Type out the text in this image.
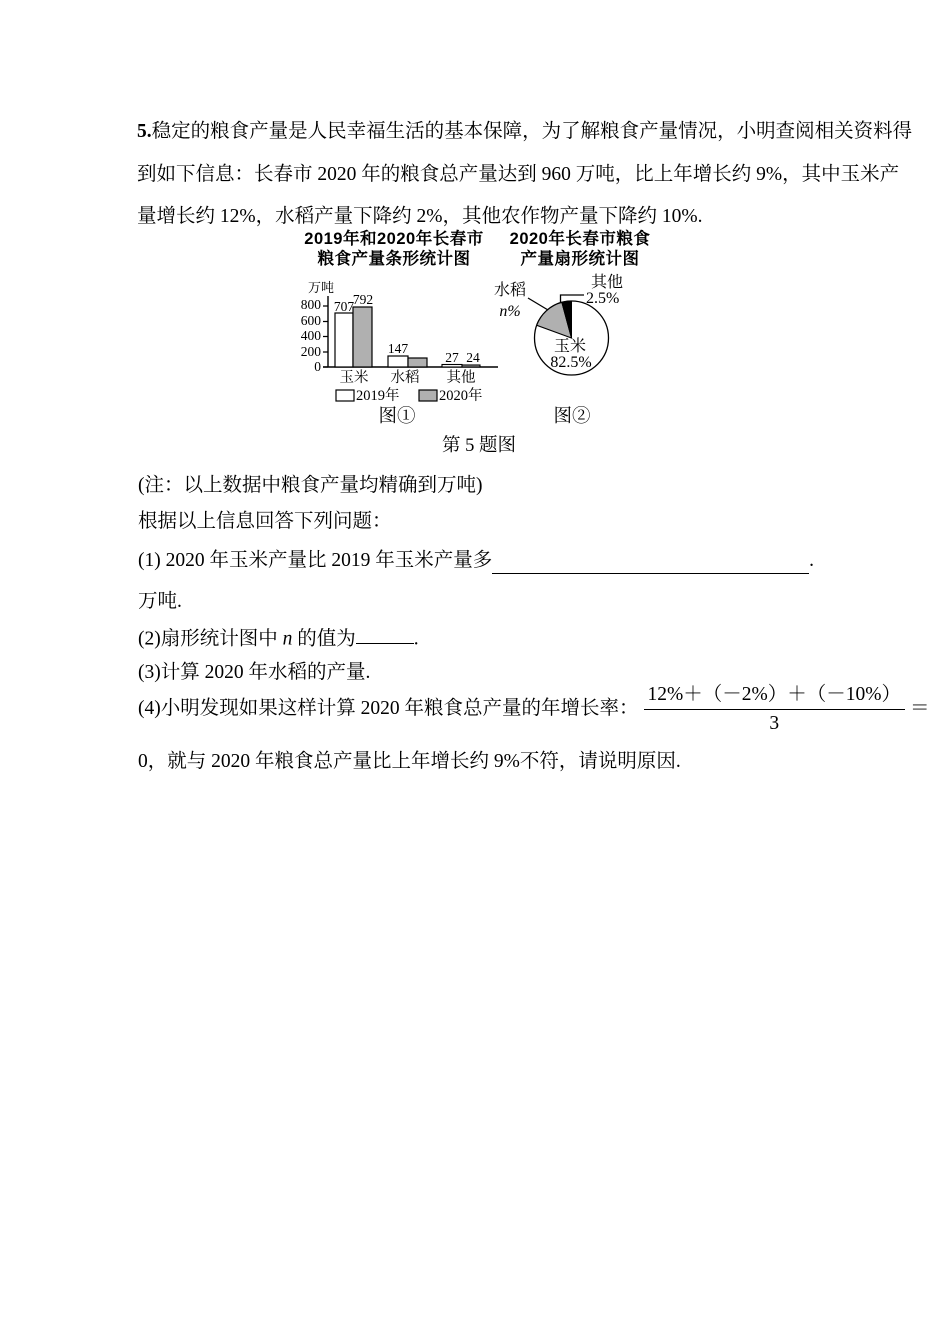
5.稳定的粮食产量是人民幸福生活的基本保障，为了解粮食产量情况，小明查阅相关资料得
到如下信息：长春市 2020 年的粮食总产量达到 960 万吨，比上年增长约 9%，其中玉米产
量增长约 12%，水稻产量下降约 2%，其他农作物产量下降约 10%.
2019年和2020年长春市
粮食产量条形统计图
2020年长春市粮食
产量扇形统计图
万吨
0
200
400
600
800 707
792
147
27 24
玉米 水稻 其他
2019年	2020年
水稻
n%
其他
2.5%
玉米
82.5%
图①	图②
第 5 题图
(注：以上数据中粮食产量均精确到万吨)
根据以上信息回答下列问题：
(1) 2020 年玉米产量比 2019 年玉米产量多	.
万吨.
(2)扇形统计图中 n 的值为	.
(3)计算 2020 年水稻的产量.
(4)小明发现如果这样计算 2020 年粮食总产量的年增长率： $\frac{12\%+(-2\%)+(-10\%)}{3}$ ＝
0，就与 2020 年粮食总产量比上年增长约 9%不符，请说明原因.
